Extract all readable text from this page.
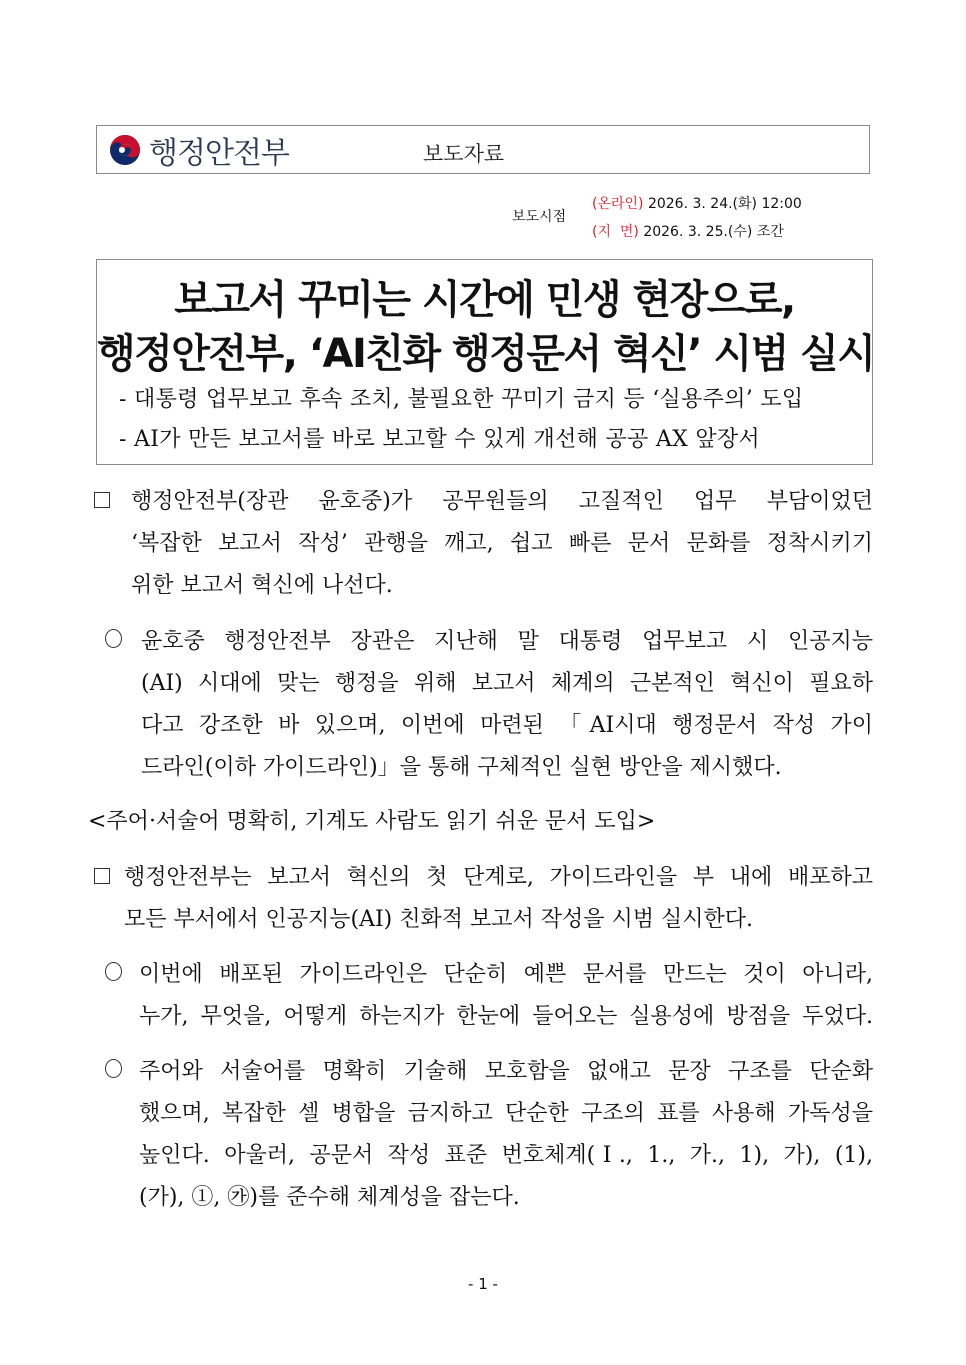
행정안전부	보도자료
보도시점
(온라인) 2026. 3. 24.(화) 12:00
(지  면) 2026. 3. 25.(수) 조간
보고서 꾸미는 시간에 민생 현장으로,
행정안전부, ‘AI친화 행정문서 혁신’ 시범 실시
- 대통령 업무보고 후속 조치, 불필요한 꾸미기 금지 등 ‘실용주의’ 도입
- AI가 만든 보고서를 바로 보고할 수 있게 개선해 공공 AX 앞장서
행정안전부(장관 윤호중)가 공무원들의 고질적인 업무 부담이었던
‘복잡한 보고서 작성’ 관행을 깨고, 쉽고 빠른 문서 문화를 정착시키기
위한 보고서 혁신에 나선다.
윤호중 행정안전부 장관은 지난해 말 대통령 업무보고 시 인공지능
(AI) 시대에 맞는 행정을 위해 보고서 체계의 근본적인 혁신이 필요하
다고 강조한 바 있으며, 이번에 마련된 「AI시대 행정문서 작성 가이
드라인(이하 가이드라인)」을 통해 구체적인 실현 방안을 제시했다.
<주어·서술어 명확히, 기계도 사람도 읽기 쉬운 문서 도입>
행정안전부는 보고서 혁신의 첫 단계로, 가이드라인을 부 내에 배포하고
모든 부서에서 인공지능(AI) 친화적 보고서 작성을 시범 실시한다.
이번에 배포된 가이드라인은 단순히 예쁜 문서를 만드는 것이 아니라,
누가, 무엇을, 어떻게 하는지가 한눈에 들어오는 실용성에 방점을 두었다.
주어와 서술어를 명확히 기술해 모호함을 없애고 문장 구조를 단순화
했으며, 복잡한 셀 병합을 금지하고 단순한 구조의 표를 사용해 가독성을
높인다. 아울러, 공문서 작성 표준 번호체계(Ⅰ., 1., 가., 1), 가), (1),
(가), ①, ㉮)를 준수해 체계성을 잡는다.
- 1 -
